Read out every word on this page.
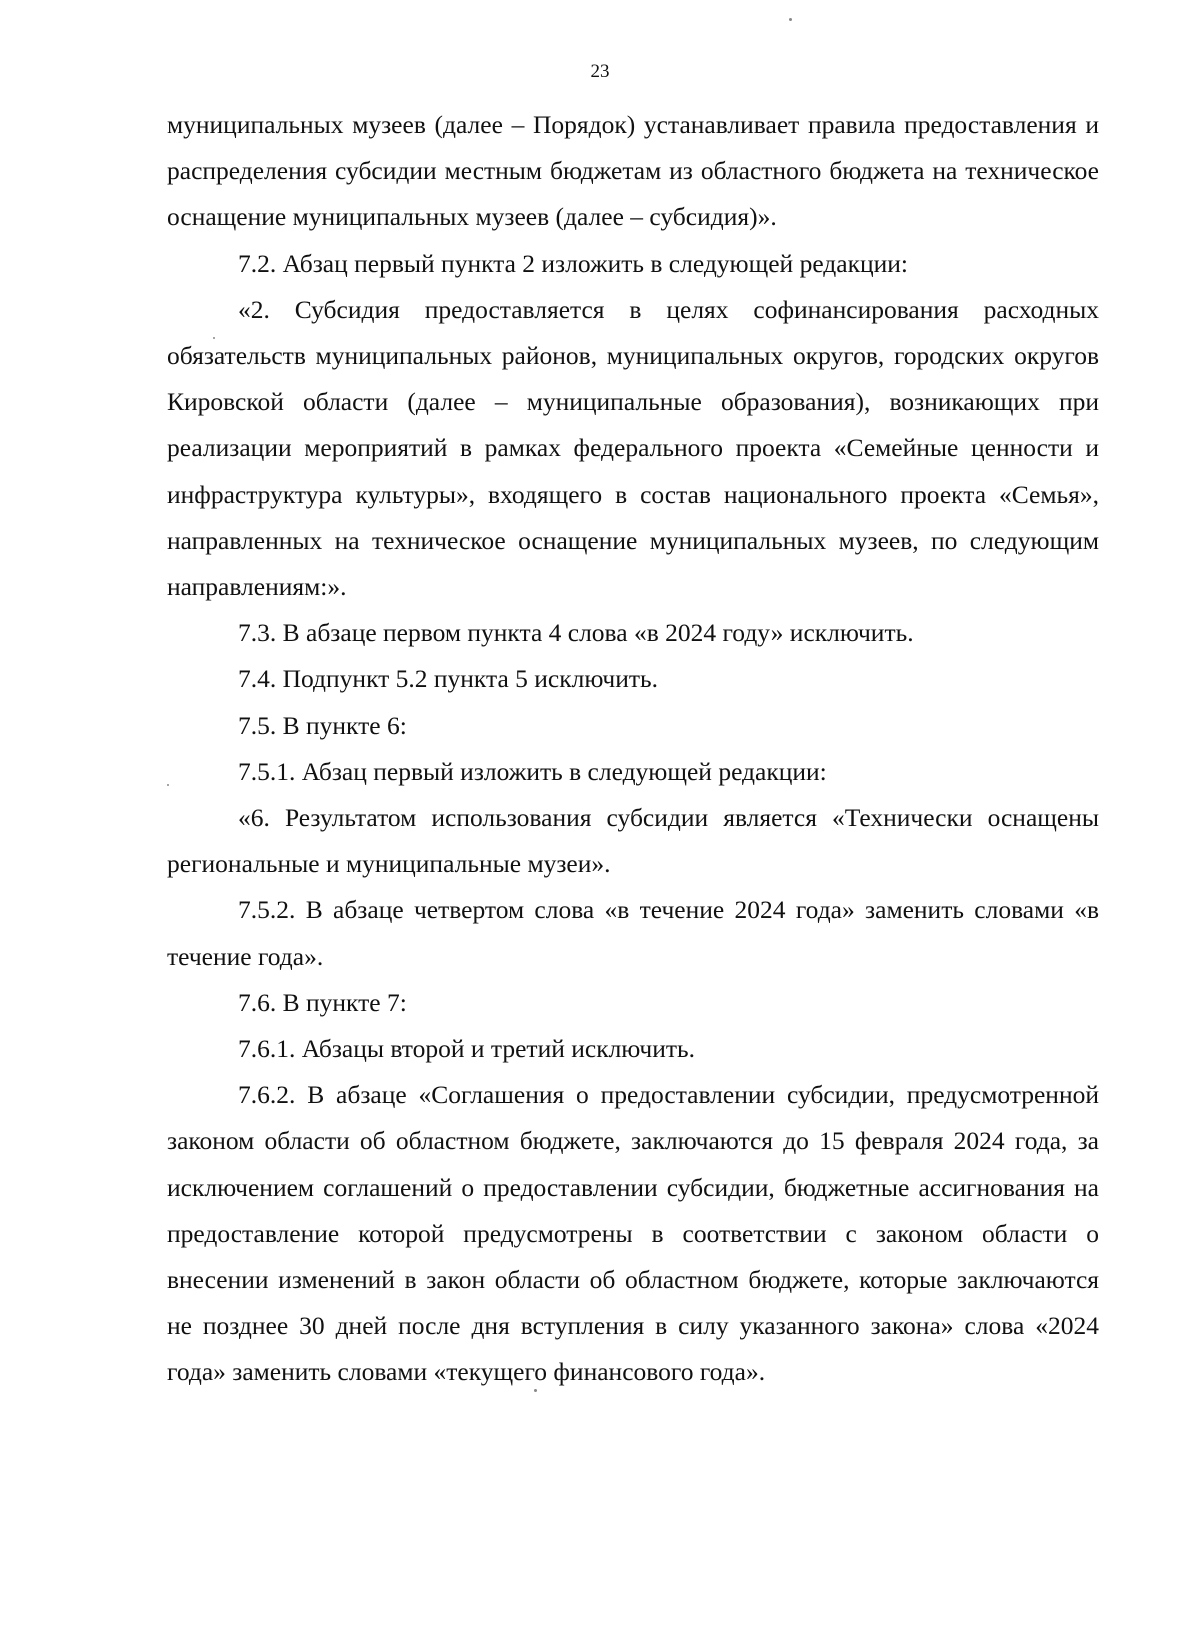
23

муниципальных музеев (далее – Порядок) устанавливает правила предоставления и распределения субсидии местным бюджетам из областного бюджета на техническое оснащение муниципальных музеев (далее – субсидия)».

7.2. Абзац первый пункта 2 изложить в следующей редакции:

«2. Субсидия предоставляется в целях софинансирования расходных обязательств муниципальных районов, муниципальных округов, городских округов Кировской области (далее – муниципальные образования), возникающих при реализации мероприятий в рамках федерального проекта «Семейные ценности и инфраструктура культуры», входящего в состав национального проекта «Семья», направленных на техническое оснащение муниципальных музеев, по следующим направлениям:».

7.3. В абзаце первом пункта 4 слова «в 2024 году» исключить.

7.4. Подпункт 5.2 пункта 5 исключить.

7.5. В пункте 6:

7.5.1. Абзац первый изложить в следующей редакции:

«6. Результатом использования субсидии является «Технически оснащены региональные и муниципальные музеи».

7.5.2. В абзаце четвертом слова «в течение 2024 года» заменить словами «в течение года».

7.6. В пункте 7:

7.6.1. Абзацы второй и третий исключить.

7.6.2. В абзаце «Соглашения о предоставлении субсидии, предусмотренной законом области об областном бюджете, заключаются до 15 февраля 2024 года, за исключением соглашений о предоставлении субсидии, бюджетные ассигнования на предоставление которой предусмотрены в соответствии с законом области о внесении изменений в закон области об областном бюджете, которые заключаются не позднее 30 дней после дня вступления в силу указанного закона» слова «2024 года» заменить словами «текущего финансового года».
